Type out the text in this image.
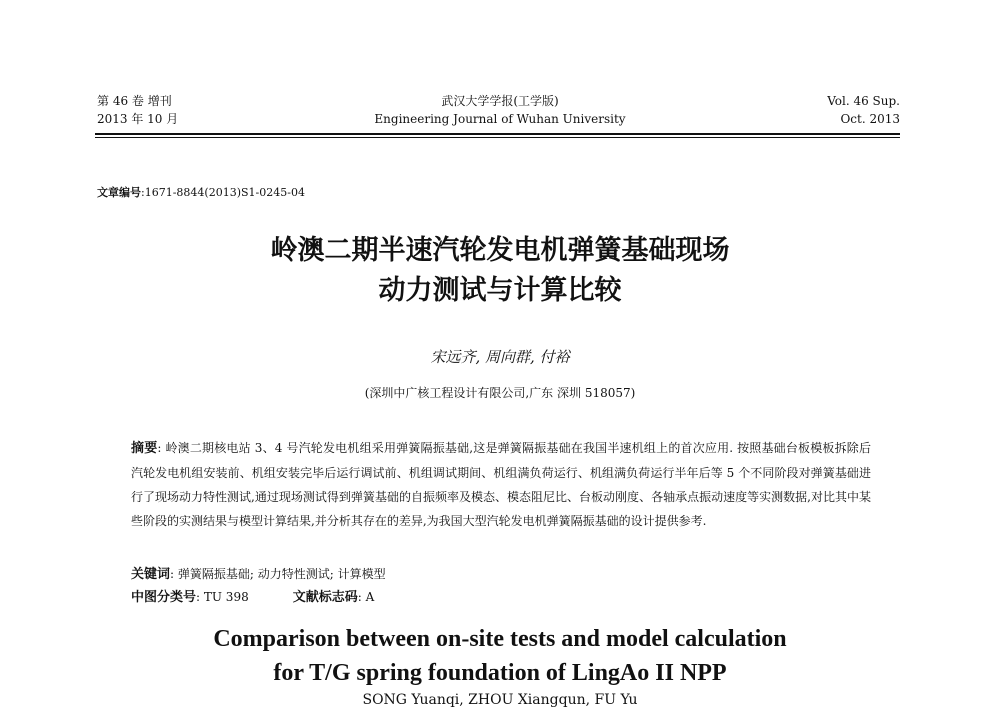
第 46 卷 增刊
2013 年 10 月
武汉大学学报(工学版)
Engineering Journal of Wuhan University
Vol. 46 Sup.
Oct. 2013
文章编号:1671-8844(2013)S1-0245-04
岭澳二期半速汽轮发电机弹簧基础现场
动力测试与计算比较
宋远齐, 周向群, 付裕
(深圳中广核工程设计有限公司,广东 深圳 518057)
摘要: 岭澳二期核电站 3、4 号汽轮发电机组采用弹簧隔振基础,这是弹簧隔振基础在我国半速机组上的首次应用. 按照基础台板模板拆除后汽轮发电机组安装前、机组安装完毕后运行调试前、机组调试期间、机组满负荷运行、机组满负荷运行半年后等 5 个不同阶段对弹簧基础进行了现场动力特性测试,通过现场测试得到弹簧基础的自振频率及模态、模态阻尼比、台板动刚度、各轴承点振动速度等实测数据,对比其中某些阶段的实测结果与模型计算结果,并分析其存在的差异,为我国大型汽轮发电机弹簧隔振基础的设计提供参考.
关键词: 弹簧隔振基础; 动力特性测试; 计算模型
中图分类号: TU 398	文献标志码: A
Comparison between on-site tests and model calculation
for T/G spring foundation of LingAo II NPP
SONG Yuanqi, ZHOU Xiangqun, FU Yu
